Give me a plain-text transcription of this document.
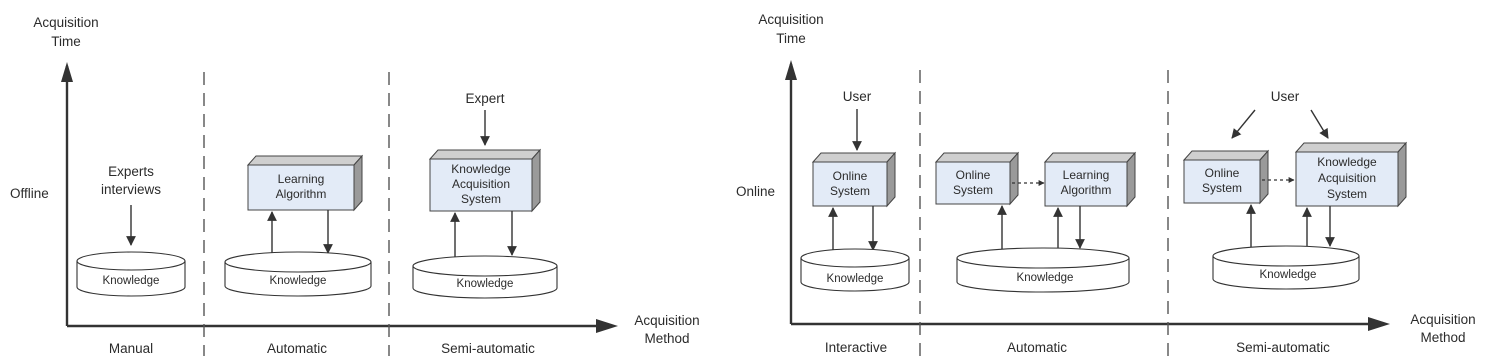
Acquisition
Time
Acquisition
Method
Offline
Manual	Automatic	Semi-automatic
Experts
interviews
Knowledge
Learning
Algorithm
Knowledge
Expert
Knowledge
Acquisition
System
Knowledge
Acquisition
Time
Acquisition
Method
Online
Interactive	Automatic	Semi-automatic
User
Online
System
Knowledge
Online
System
Learning
Algorithm
Knowledge
User
Online
System
Knowledge
Acquisition
System
Knowledge
